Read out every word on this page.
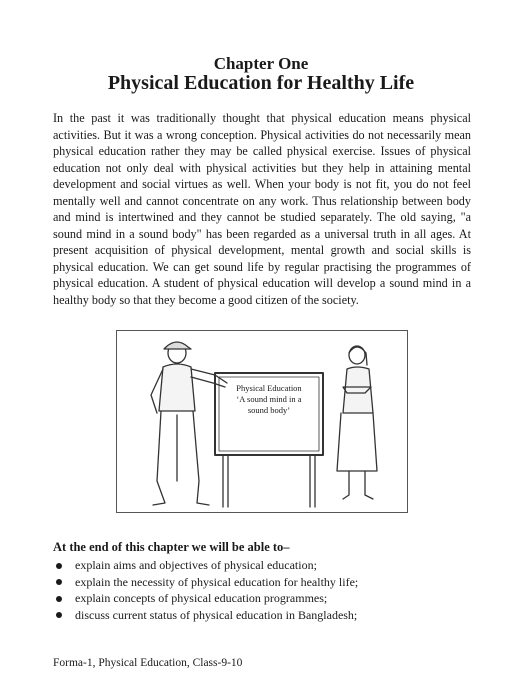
Chapter One
Physical Education for Healthy Life

In the past it was traditionally thought that physical education means physical activities. But it was a wrong conception. Physical activities do not necessarily mean physical education rather they may be called physical exercise. Issues of physical education not only deal with physical activities but they help in attaining mental development and social virtues as well. When your body is not fit, you do not feel mentally well and cannot concentrate on any work. Thus relationship between body and mind is intertwined and they cannot be studied separately. The old saying, "a sound mind in a sound body" has been regarded as a universal truth in all ages. At present acquisition of physical development, mental growth and social skills is physical education. We can get sound life by regular practising the programmes of physical education. A student of physical education will develop a sound mind in a healthy body so that they become a good citizen of the society.

Physical Education
‘A sound mind in a
sound body’

At the end of this chapter we will be able to–

explain aims and objectives of physical education;
explain the necessity of physical education for healthy life;
explain concepts of physical education programmes;
discuss current status of physical education in Bangladesh;
Forma-1, Physical Education, Class-9-10
